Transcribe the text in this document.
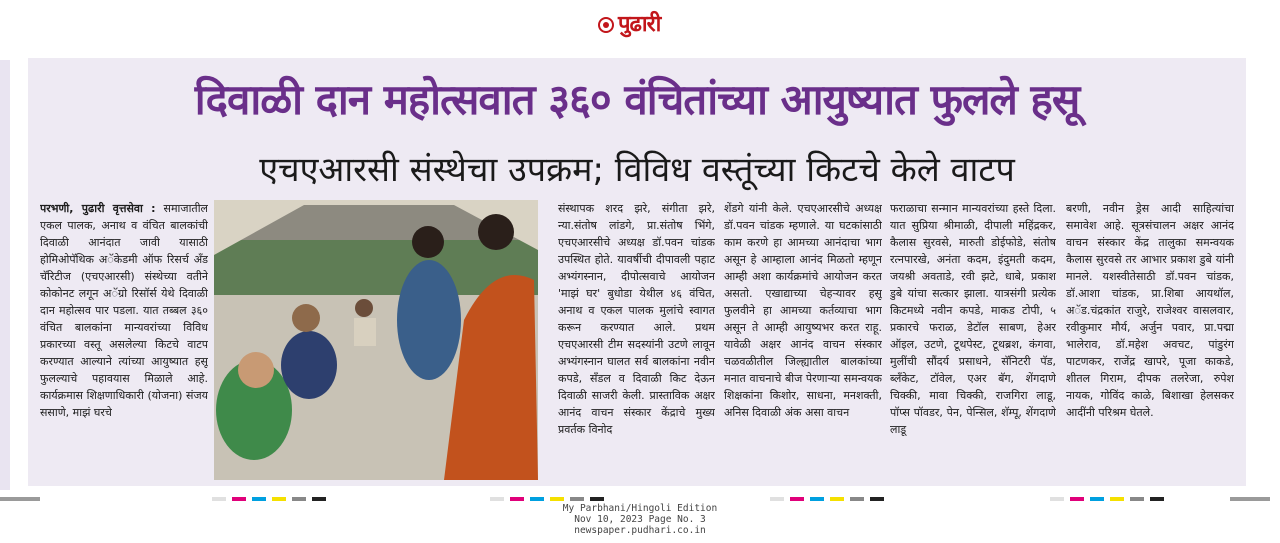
पुढारी
दिवाळी दान महोत्सवात ३६० वंचितांच्या आयुष्यात फुलले हसू
एचएआरसी संस्थेचा उपक्रम; विविध वस्तूंच्या किटचे केले वाटप

परभणी, पुढारी वृत्तसेवा : समाजातील एकल पालक, अनाथ व वंचित बालकांची दिवाळी आनंदात जावी यासाठी होमिओपॅथिक अॅकेडमी ऑफ रिसर्च अँड चॅरिटीज (एचएआरसी) संस्थेच्या वतीने कोकोनट लगून अॅग्रो रिसॉर्स येथे दिवाळी दान महोत्सव पार पडला. यात तब्बल ३६० वंचित बालकांना मान्यवरांच्या विविध प्रकारच्या वस्तू असलेल्या किटचे वाटप करण्यात आल्याने त्यांच्या आयुष्यात हसू फुलल्याचे पहावयास मिळाले आहे. कार्यक्रमास शिक्षणाधिकारी (योजना) संजय ससाणे, माझं घरचे

संस्थापक शरद झरे, संगीता झरे, न्या.संतोष लांडगे, प्रा.संतोष भिंगे, एचएआरसीचे अध्यक्ष डॉ.पवन चांडक उपस्थित होते. यावर्षीची दीपावली पहाट अभ्यंगस्नान, दीपोत्सवाचे आयोजन 'माझं घर' बुधोडा येथील ४६ वंचित, अनाथ व एकल पालक मुलांचे स्वागत करून करण्यात आले. प्रथम एचएआरसी टीम सदस्यांनी उटणे लावून अभ्यंगस्नान घालत सर्व बालकांना नवीन कपडे, सँडल व दिवाळी किट देऊन दिवाळी साजरी केली. प्रास्ताविक अक्षर आनंद वाचन संस्कार केंद्राचे मुख्य प्रवर्तक विनोद

शेंडगे यांनी केले. एचएआरसीचे अध्यक्ष डॉ.पवन चांडक म्हणाले. या घटकांसाठी काम करणे हा आमच्या आनंदाचा भाग असून हे आम्हाला आनंद मिळतो म्हणून आम्ही अशा कार्यक्रमांचे आयोजन करत असतो. एखाद्याच्या चेहऱ्यावर हसू फुलवीने हा आमच्या कर्तव्याचा भाग असून ते आम्ही आयुष्यभर करत राहू. यावेळी अक्षर आनंद वाचन संस्कार चळवळीतील जिल्ह्यातील बालकांच्या मनात वाचनाचे बीज पेरणाऱ्या समन्वयक शिक्षकांना किशोर, साधना, मनशक्ती, अनिस दिवाळी अंक असा वाचन

फराळाचा सन्मान मान्यवरांच्या हस्ते दिला. यात सुप्रिया श्रीमाळी, दीपाली महिंद्रकर, कैलास सुरवसे, मारुती डोईफोडे, संतोष रत्नपारखे, अनंता कदम, इंदुमती कदम, जयश्री अवताडे, रवी झटे, धाबे, प्रकाश डुबे यांचा सत्कार झाला. यात्रसंगी प्रत्येक किटमध्ये नवीन कपडे, माकड टोपी, ५ प्रकारचे फराळ, डेटॉल साबण, हेअर ऑइल, उटणे, टूथपेस्ट, टूथब्रश, कंगवा, मुलींची सौंदर्य प्रसाधने, सॅनिटरी पॅड, ब्लँकेट, टॉवेल, एअर बॅग, शेंगदाणे चिक्की, मावा चिक्की, राजगिरा लाडू, पॉप्स पॉवडर, पेन, पेन्सिल, शॅम्पू, शेंगदाणे लाडू

बरणी, नवीन ड्रेस आदी साहित्यांचा समावेश आहे. सूत्रसंचालन अक्षर आनंद वाचन संस्कार केंद्र तालुका समन्वयक कैलास सुरवसे तर आभार प्रकाश डुबे यांनी मानले. यशस्वीतेसाठी डॉ.पवन चांडक, डॉ.आशा चांडक, प्रा.शिबा आयथॉल, अॅड.चंद्रकांत राजुरे, राजेश्वर वासलवार, रवीकुमार मौर्य, अर्जुन पवार, प्रा.पद्मा भालेराव, डॉ.महेश अवचट, पांडुरंग पाटणकर, राजेंद्र खापरे, पूजा काकडे, शीतल गिराम, दीपक तलरेजा, रुपेश नायक, गोविंद काळे, बिशाखा हेलसकर आदींनी परिश्रम घेतले.

My Parbhani/Hingoli Edition
Nov 10, 2023 Page No. 3
newspaper.pudhari.co.in
